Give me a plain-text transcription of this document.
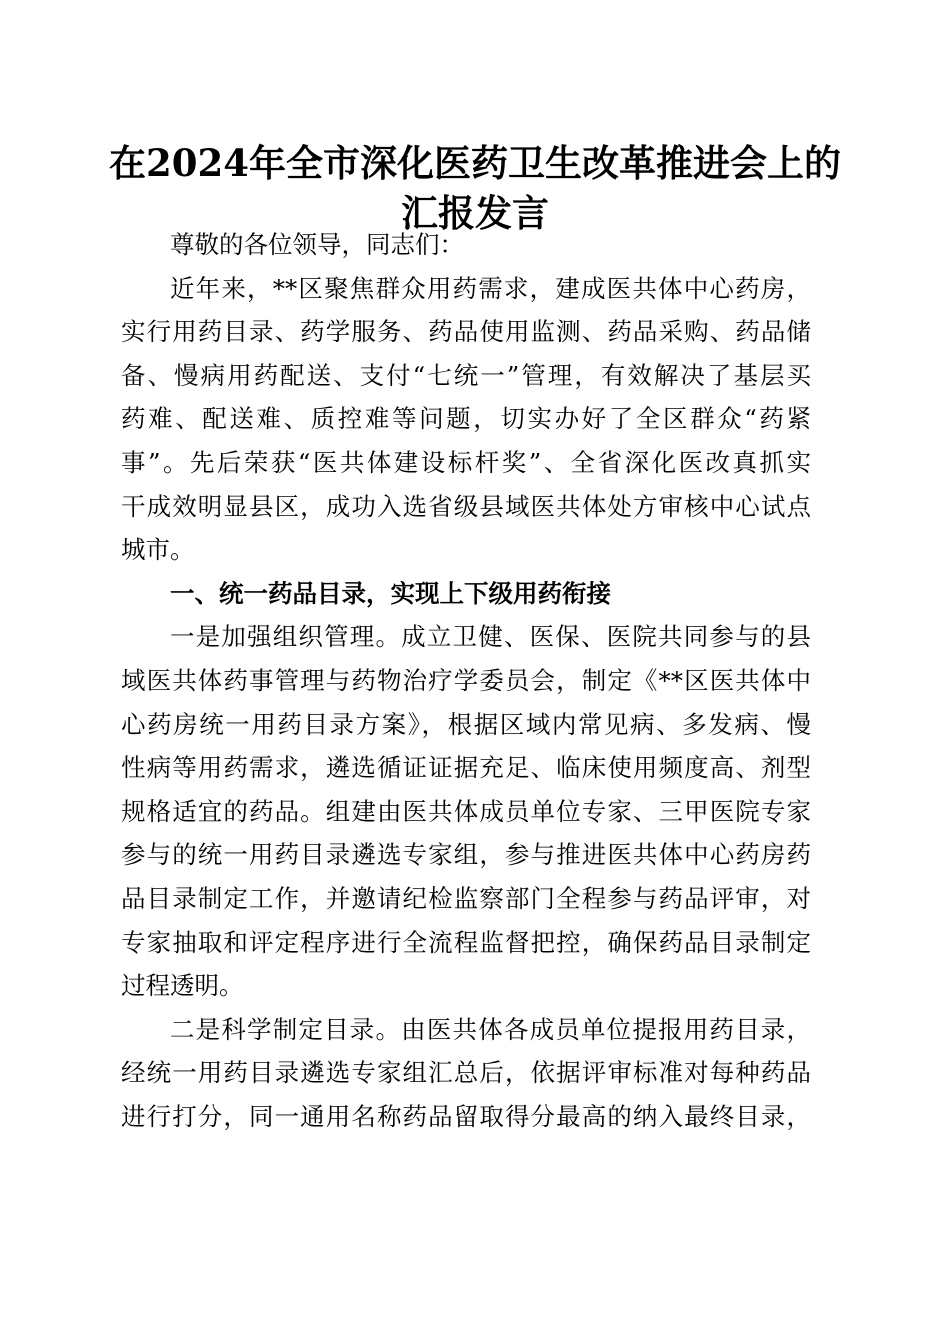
在2024年全市深化医药卫生改革推进会上的
汇报发言
尊敬的各位领导，同志们：
近年来，**区聚焦群众用药需求，建成医共体中心药房，
实行用药目录、药学服务、药品使用监测、药品采购、药品储
备、慢病用药配送、支付“七统一”管理，有效解决了基层买
药难、配送难、质控难等问题，切实办好了全区群众“药紧
事”。先后荣获“医共体建设标杆奖”、全省深化医改真抓实
干成效明显县区，成功入选省级县域医共体处方审核中心试点
城市。
一、统一药品目录，实现上下级用药衔接
一是加强组织管理。成立卫健、医保、医院共同参与的县
域医共体药事管理与药物治疗学委员会，制定《**区医共体中
心药房统一用药目录方案》，根据区域内常见病、多发病、慢
性病等用药需求，遴选循证证据充足、临床使用频度高、剂型
规格适宜的药品。组建由医共体成员单位专家、三甲医院专家
参与的统一用药目录遴选专家组，参与推进医共体中心药房药
品目录制定工作，并邀请纪检监察部门全程参与药品评审，对
专家抽取和评定程序进行全流程监督把控，确保药品目录制定
过程透明。
二是科学制定目录。由医共体各成员单位提报用药目录，
经统一用药目录遴选专家组汇总后，依据评审标准对每种药品
进行打分，同一通用名称药品留取得分最高的纳入最终目录，
